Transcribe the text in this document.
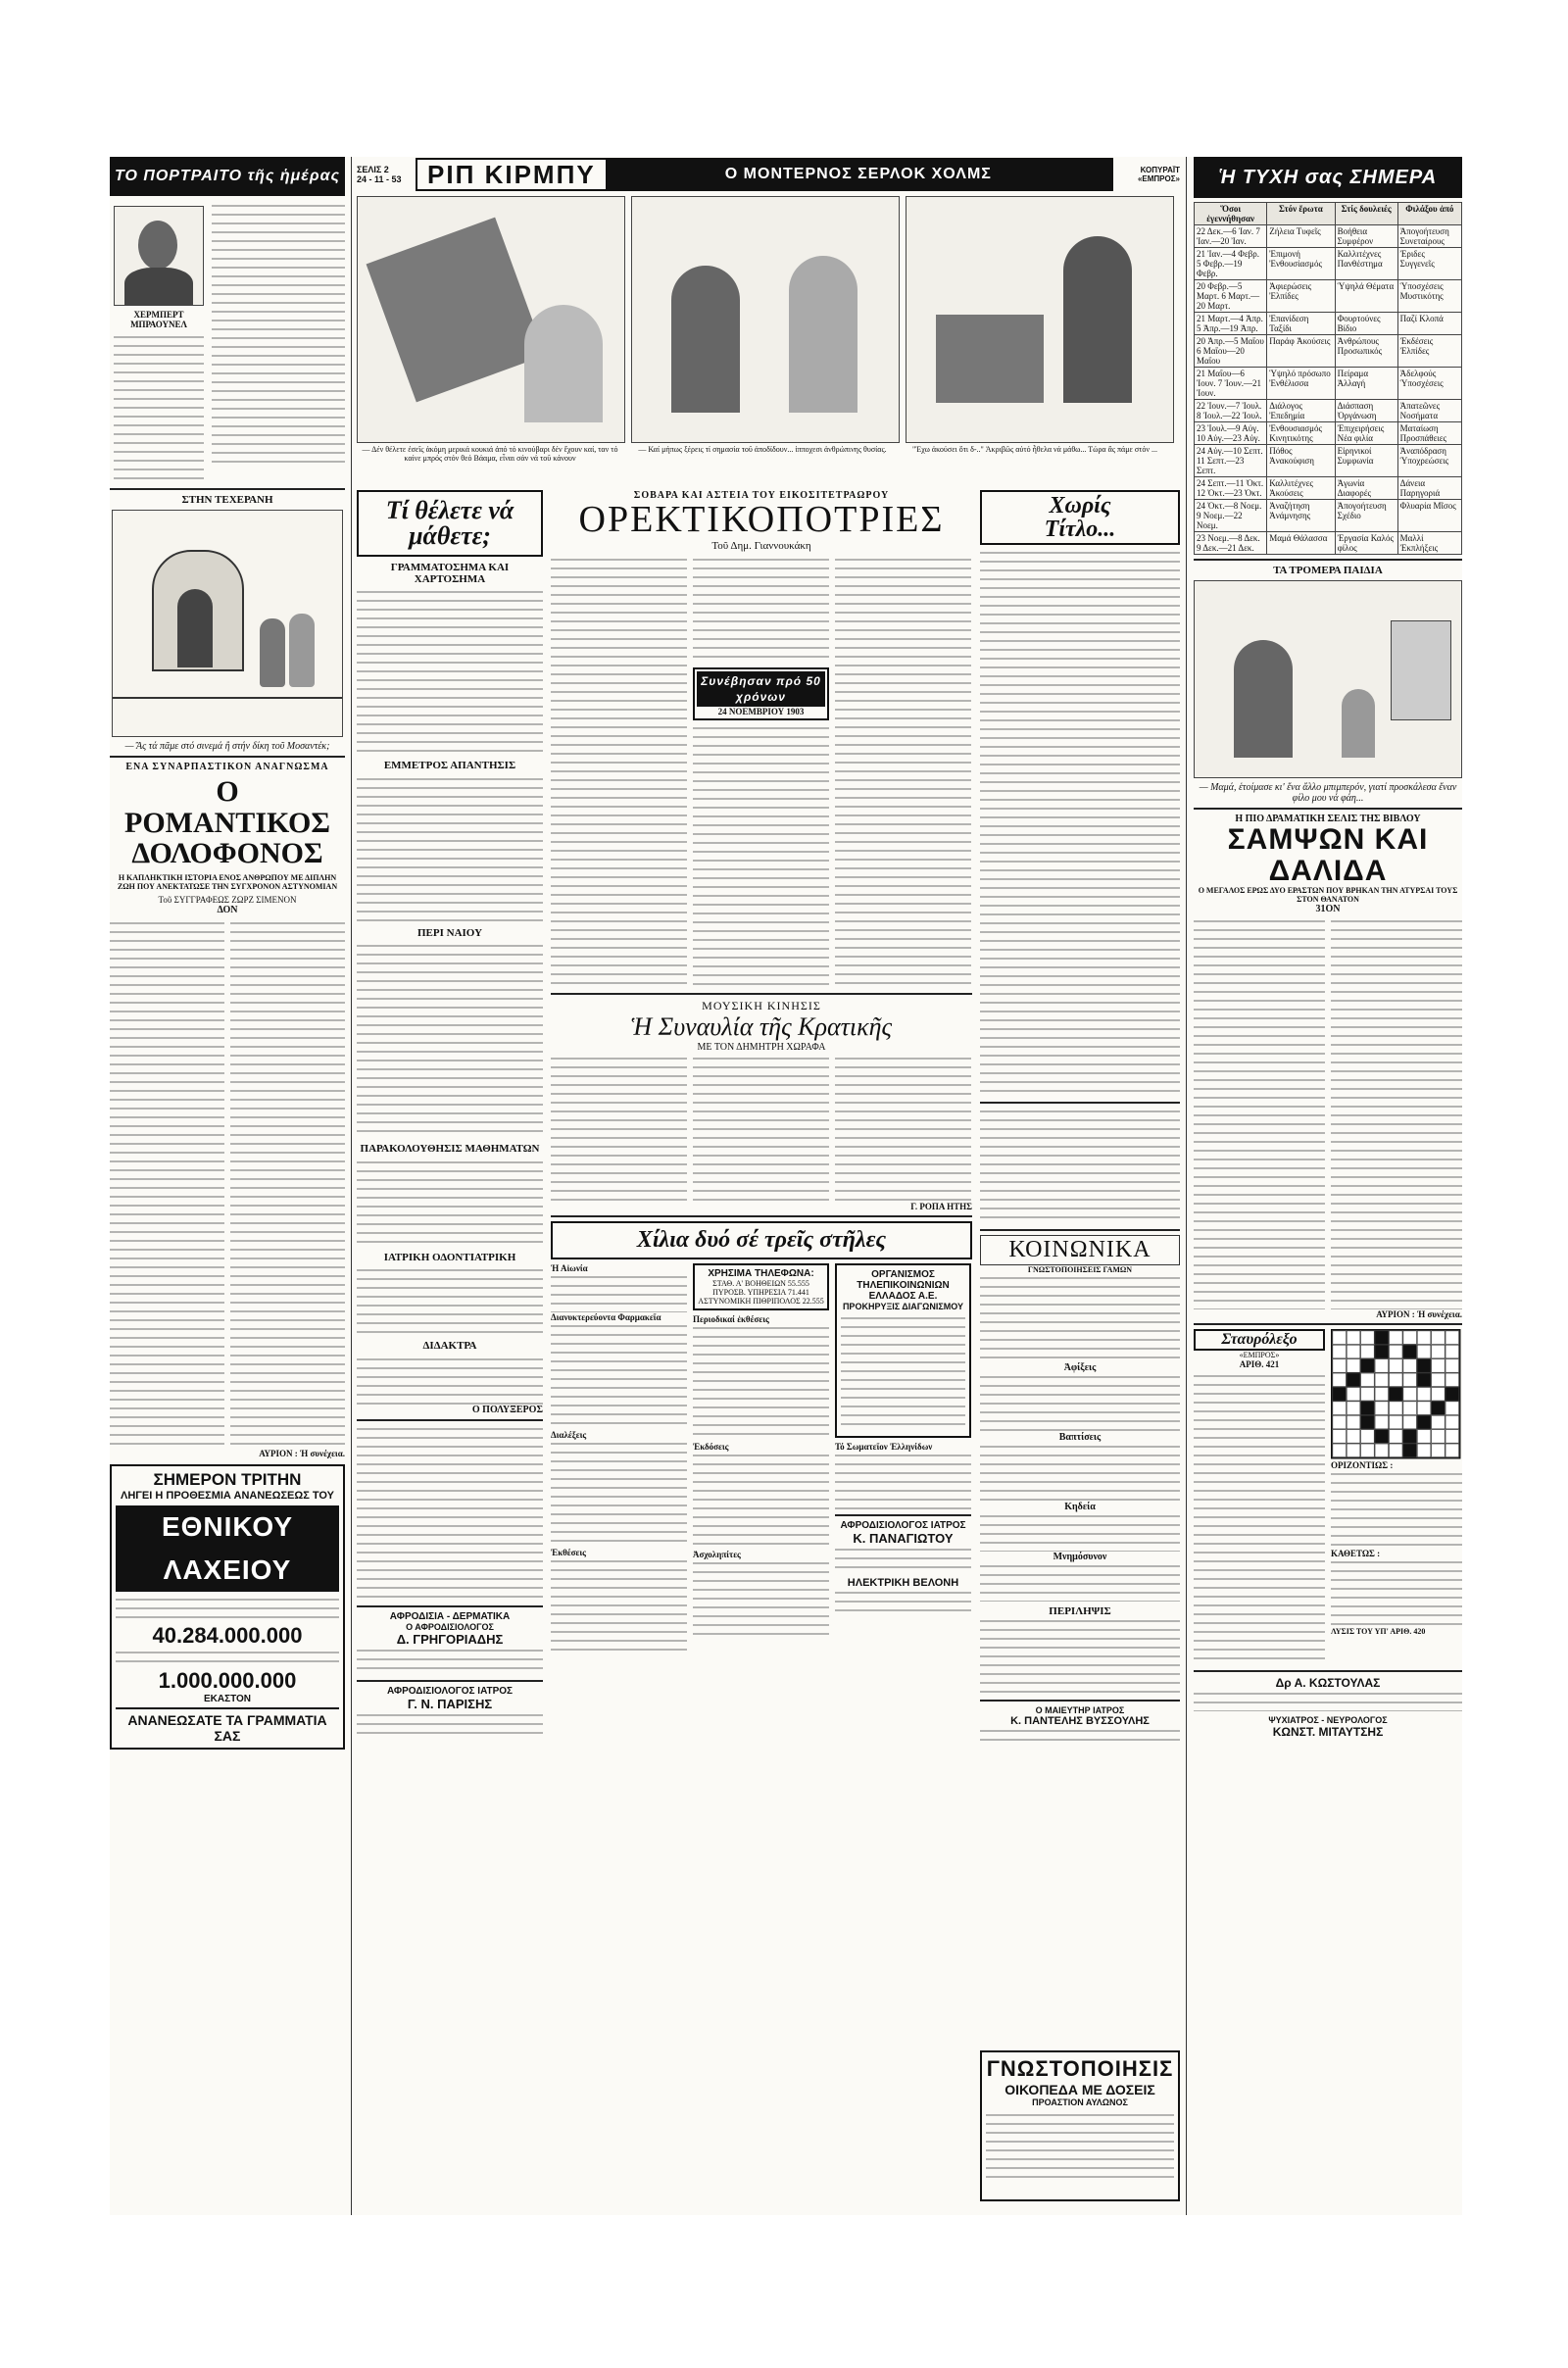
ΤΟ ΠΟΡΤΡΑΙΤΟ τῆς ἡμέρας
ΧΕΡΜΠΕΡΤ ΜΠΡΑΟΥΝΕΛ
ΣΤΗΝ ΤΕΧΕΡΑΝΗ
— Ἄς τά πᾶμε στό σινεμά ἢ στήν δίκη τοῦ Μοσαντέκ;
ΕΝΑ ΣΥΝΑΡΠΑΣΤΙΚΟΝ ΑΝΑΓΝΩΣΜΑ
Ο ΡΟΜΑΝΤΙΚΟΣ
ΔΟΛΟΦΟΝΟΣ
Η ΚΑΠΛΗΚΤΙΚΗ ΙΣΤΟΡΙΑ ΕΝΟΣ ΑΝΘΡΩΠΟΥ ΜΕ ΔΙΠΛΗΝ ΖΩΗ ΠΟΥ ΑΝΕΚΤΑΤΩΣΕ ΤΗΝ ΣΥΓΧΡΟΝΟΝ ΑΣΤΥΝΟΜΙΑΝ
Τοῦ ΣΥΓΓΡΑΦΕΩΣ ΖΩΡΖ ΣΙΜΕΝΟΝ
ΔΟΝ
ΑΥΡΙΟΝ : Ἡ συνέχεια.
ΣΗΜΕΡΟΝ ΤΡΙΤΗΝ
ΛΗΓΕΙ Η ΠΡΟΘΕΣΜΙΑ ΑΝΑΝΕΩΣΕΩΣ ΤΟΥ
ΕΘΝΙΚΟΥ ΛΑΧΕΙΟΥ
40.284.000.000
1.000.000.000
ΕΚΑΣΤΟΝ
ΑΝΑΝΕΩΣΑΤΕ ΤΑ ΓΡΑΜΜΑΤΙΑ ΣΑΣ
ΣΕΛΙΣ 2
24 - 11 - 53	ΡΙΠ ΚΙΡΜΠΥ	Ο ΜΟΝΤΕΡΝΟΣ ΣΕΡΛΟΚ ΧΟΛΜΣ	ΚΟΠΥΡΑΪΤ «ΕΜΠΡΟΣ»
— Δέν θέλετε ἐσεῖς ἀκόμη μερικά κουκιά ἀπό τό κινούβαρι δέν ἔχουν καί, ταν τό καίνε μπρός στόν θεό Βάαμα, εἶναι σάν νά τοῦ κάνουν
— Καί μήπως ξέρεις τί σημασία τοῦ ἀποδίδουν... ἱπποχεσι ἀνθρώπινης θυσίας.	"Ἐχω ἀκούσει ὅτι δ-.." Ἀκριβῶς αὐτό ἦθελα νά μάθω... Τώρα ἂς πάμε στόν ...
Τί θέλετε νά μάθετε;
ΓΡΑΜΜΑΤΟΣΗΜΑ ΚΑΙ ΧΑΡΤΟΣΗΜΑ
ΕΜΜΕΤΡΟΣ ΑΠΑΝΤΗΣΙΣ
ΠΕΡΙ ΝΑΙΟΥ
ΠΑΡΑΚΟΛΟΥΘΗΣΙΣ ΜΑΘΗΜΑΤΩΝ
ΙΑΤΡΙΚΗ ΟΔΟΝΤΙΑΤΡΙΚΗ
ΔΙΔΑΚΤΡΑ
Ο ΠΟΛΥΞΕΡΟΣ
ΑΦΡΟΔΙΣΙΑ - ΔΕΡΜΑΤΙΚΑ
Ο ΑΦΡΟΔΙΣΙΟΛΟΓΟΣ
Δ. ΓΡΗΓΟΡΙΑΔΗΣ
ΑΦΡΟΔΙΣΙΟΛΟΓΟΣ ΙΑΤΡΟΣ
Γ. Ν. ΠΑΡΙΣΗΣ
ΣΟΒΑΡΑ ΚΑΙ ΑΣΤΕΙΑ ΤΟΥ ΕΙΚΟΣΙΤΕΤΡΑΩΡΟΥ
ΟΡΕΚΤΙΚΟΠΟΤΡΙΕΣ
Τοῦ Δημ. Γιαννουκάκη
Συνέβησαν πρό 50 χρόνων
24 ΝΟΕΜΒΡΙΟΥ 1903
ΜΟΥΣΙΚΗ ΚΙΝΗΣΙΣ
Ἡ Συναυλία τῆς Κρατικῆς
ΜΕ ΤΟΝ ΔΗΜΗΤΡΗ ΧΩΡΑΦΑ
Γ. ΡΟΠΑ ΗΤΗΣ
Χίλια δυό σέ τρεῖς στῆλες
Ἡ Αἰωνία
Διανυκτερεύοντα Φαρμακεῖα
Διαλέξεις
Ἐκθέσεις
ΧΡΗΣΙΜΑ ΤΗΛΕΦΩΝΑ:
ΣΤΑΘ. Α' ΒΟΗΘΕΙΩΝ 55.555 ΠΥΡΟΣΒ. ΥΠΗΡΕΣΙΑ 71.441 ΑΣΤΥΝΟΜΙΚΗ ΠΙΘΡΙΠΟΛΟΣ 22.555
Περιοδικαί ἐκθέσεις
Ἐκδόσεις
Ἀσχοληπίτες
ΟΡΓΑΝΙΣΜΟΣ ΤΗΛΕΠΙΚΟΙΝΩΝΙΩΝ ΕΛΛΑΔΟΣ Α.Ε.
ΠΡΟΚΗΡΥΞΙΣ ΔΙΑΓΩΝΙΣΜΟΥ
Τό Σωματεῖον Ἐλληνίδων
ΑΦΡΟΔΙΣΙΟΛΟΓΟΣ ΙΑΤΡΟΣ
Κ. ΠΑΝΑΓΙΩΤΟΥ
ΗΛΕΚΤΡΙΚΗ ΒΕΛΟΝΗ
Χωρίς
Τίτλο...
ΚΟΙΝΩΝΙΚΑ
ΓΝΩΣΤΟΠΟΙΗΣΕΙΣ ΓΑΜΩΝ
Ἀφίξεις
Βαπτίσεις
Κηδεία
Μνημόσυνον
ΠΕΡΙΛΗΨΙΣ
Ο ΜΑΙΕΥΤΗΡ ΙΑΤΡΟΣ
Κ. ΠΑΝΤΕΛΗΣ ΒΥΣΣΟΥΛΗΣ
ΓΝΩΣΤΟΠΟΙΗΣΙΣ
ΟΙΚΟΠΕΔΑ ΜΕ ΔΟΣΕΙΣ
ΠΡΟΑΣΤΙΟΝ ΑΥΛΩΝΟΣ
Ἡ ΤΥΧΗ σας ΣΗΜΕΡΑ
Ὅσοι ἐγεννήθησαν	Στόν ἔρωτα	Στίς δουλειές	Φιλάξου ἀπό
22 Δεκ.—6 Ἰαν. 7 Ἰαν.—20 Ἰαν.	Ζήλεια Τυφεῖς	Βοήθεια Συμφέρον	Ἀπογοήτευση Συνεταίρους
21 Ἰαν.—4 Φεβρ. 5 Φεβρ.—19 Φεβρ.	Ἐπιμονή Ἐνθουσίασμός	Καλλιτέχνες Πανθέστημα	Ἐριδες Συγγενεῖς
20 Φεβρ.—5 Μαρτ. 6 Μαρτ.—20 Μαρτ.	Ἀφιερώσεις Ἐλπίδες	Ὑψηλά Θέματα	Ὑποσχέσεις Μυστικότης
21 Μαρτ.—4 Ἀπρ. 5 Ἀπρ.—19 Ἀπρ.	Ἐπανίδεση Ταξίδι	Φουρτούνες Βίδιο	Παζί Κλοπά
20 Ἀπρ.—5 Μαΐου 6 Μαΐου—20 Μαΐου	Παράφ Ἀκούσεις	Ἀνθρώπους Προσωπικός	Ἐκδέσεις Ἐλπίδες
21 Μαΐου—6 Ἰουν. 7 Ἰουν.—21 Ἰουν.	Ὑψηλό πρόσωπο Ἐνθέλισσα	Πείραμα Ἀλλαγή	Ἀδελφούς Ὑποσχέσεις
22 Ἰουν.—7 Ἰουλ. 8 Ἰουλ.—22 Ἰουλ.	Διάλογος Ἐπεδημία	Διάσπαση Ὀργάνωση	Ἀπατεῶνες Νοσήματα
23 Ἰουλ.—9 Αὐγ. 10 Αὐγ.—23 Αὐγ.	Ἐνθουσιασμός Κινητικότης	Ἐπιχειρήσεις Νέα φιλία	Ματαίωση Προσπάθειες
24 Αὐγ.—10 Σεπτ. 11 Σεπτ.—23 Σεπτ.	Πόθος Ἀνακούφιση	Εἰρηνικοί Συμφωνία	Ἀναπόδραση Ὑποχρεώσεις
24 Σεπτ.—11 Ὀκτ. 12 Ὀκτ.—23 Ὀκτ.	Καλλιτέχνες Ἀκούσεις	Ἀγωνία Διαφορές	Δάνεια Παρηγοριά
24 Ὀκτ.—8 Νοεμ. 9 Νοεμ.—22 Νοεμ.	Ἀναζήτηση Ἀνάμνησης	Ἀπογοήτευση Σχέδιο	Φλυαρία Μῖσος
23 Νοεμ.—8 Δεκ. 9 Δεκ.—21 Δεκ.	Μαμά Θάλασσα	Ἐργασία Καλός φίλος	Μαλλί Ἐκπλήξεις
ΤΑ ΤΡΟΜΕΡΑ ΠΑΙΔΙΑ
— Μαμά, ἑτοίμασε κι' ἕνα ἄλλο μπιμπερόν, γιατί προσκάλεσα ἕναν φίλο μου νά φάη...
Η ΠΙΟ ΔΡΑΜΑΤΙΚΗ ΣΕΛΙΣ ΤΗΣ ΒΙΒΛΟΥ
ΣΑΜΨΩΝ ΚΑΙ ΔΑΛΙΔΑ
Ο ΜΕΓΑΛΟΣ ΕΡΩΣ ΔΥΟ ΕΡΑΣΤΩΝ ΠΟΥ ΒΡΗΚΑΝ ΤΗΝ ΑΤΥΡΣΑΙ ΤΟΥΣ ΣΤΟΝ ΘΑΝΑΤΟΝ
31ΟΝ
ΑΥΡΙΟΝ : Ἡ συνέχεια.
Σταυρόλεξο
«ΕΜΠΡΟΣ»
ΑΡΙΘ. 421
ΟΡΙΖΟΝΤΙΩΣ :
ΚΑΘΕΤΩΣ :
ΛΥΣΙΣ ΤΟΥ ΥΠ' ΑΡΙΘ. 420
Δρ Α. ΚΩΣΤΟΥΛΑΣ
ΨΥΧΙΑΤΡΟΣ - ΝΕΥΡΟΛΟΓΟΣ
ΚΩΝΣΤ. ΜΙΤΑΥΤΣΗΣ
